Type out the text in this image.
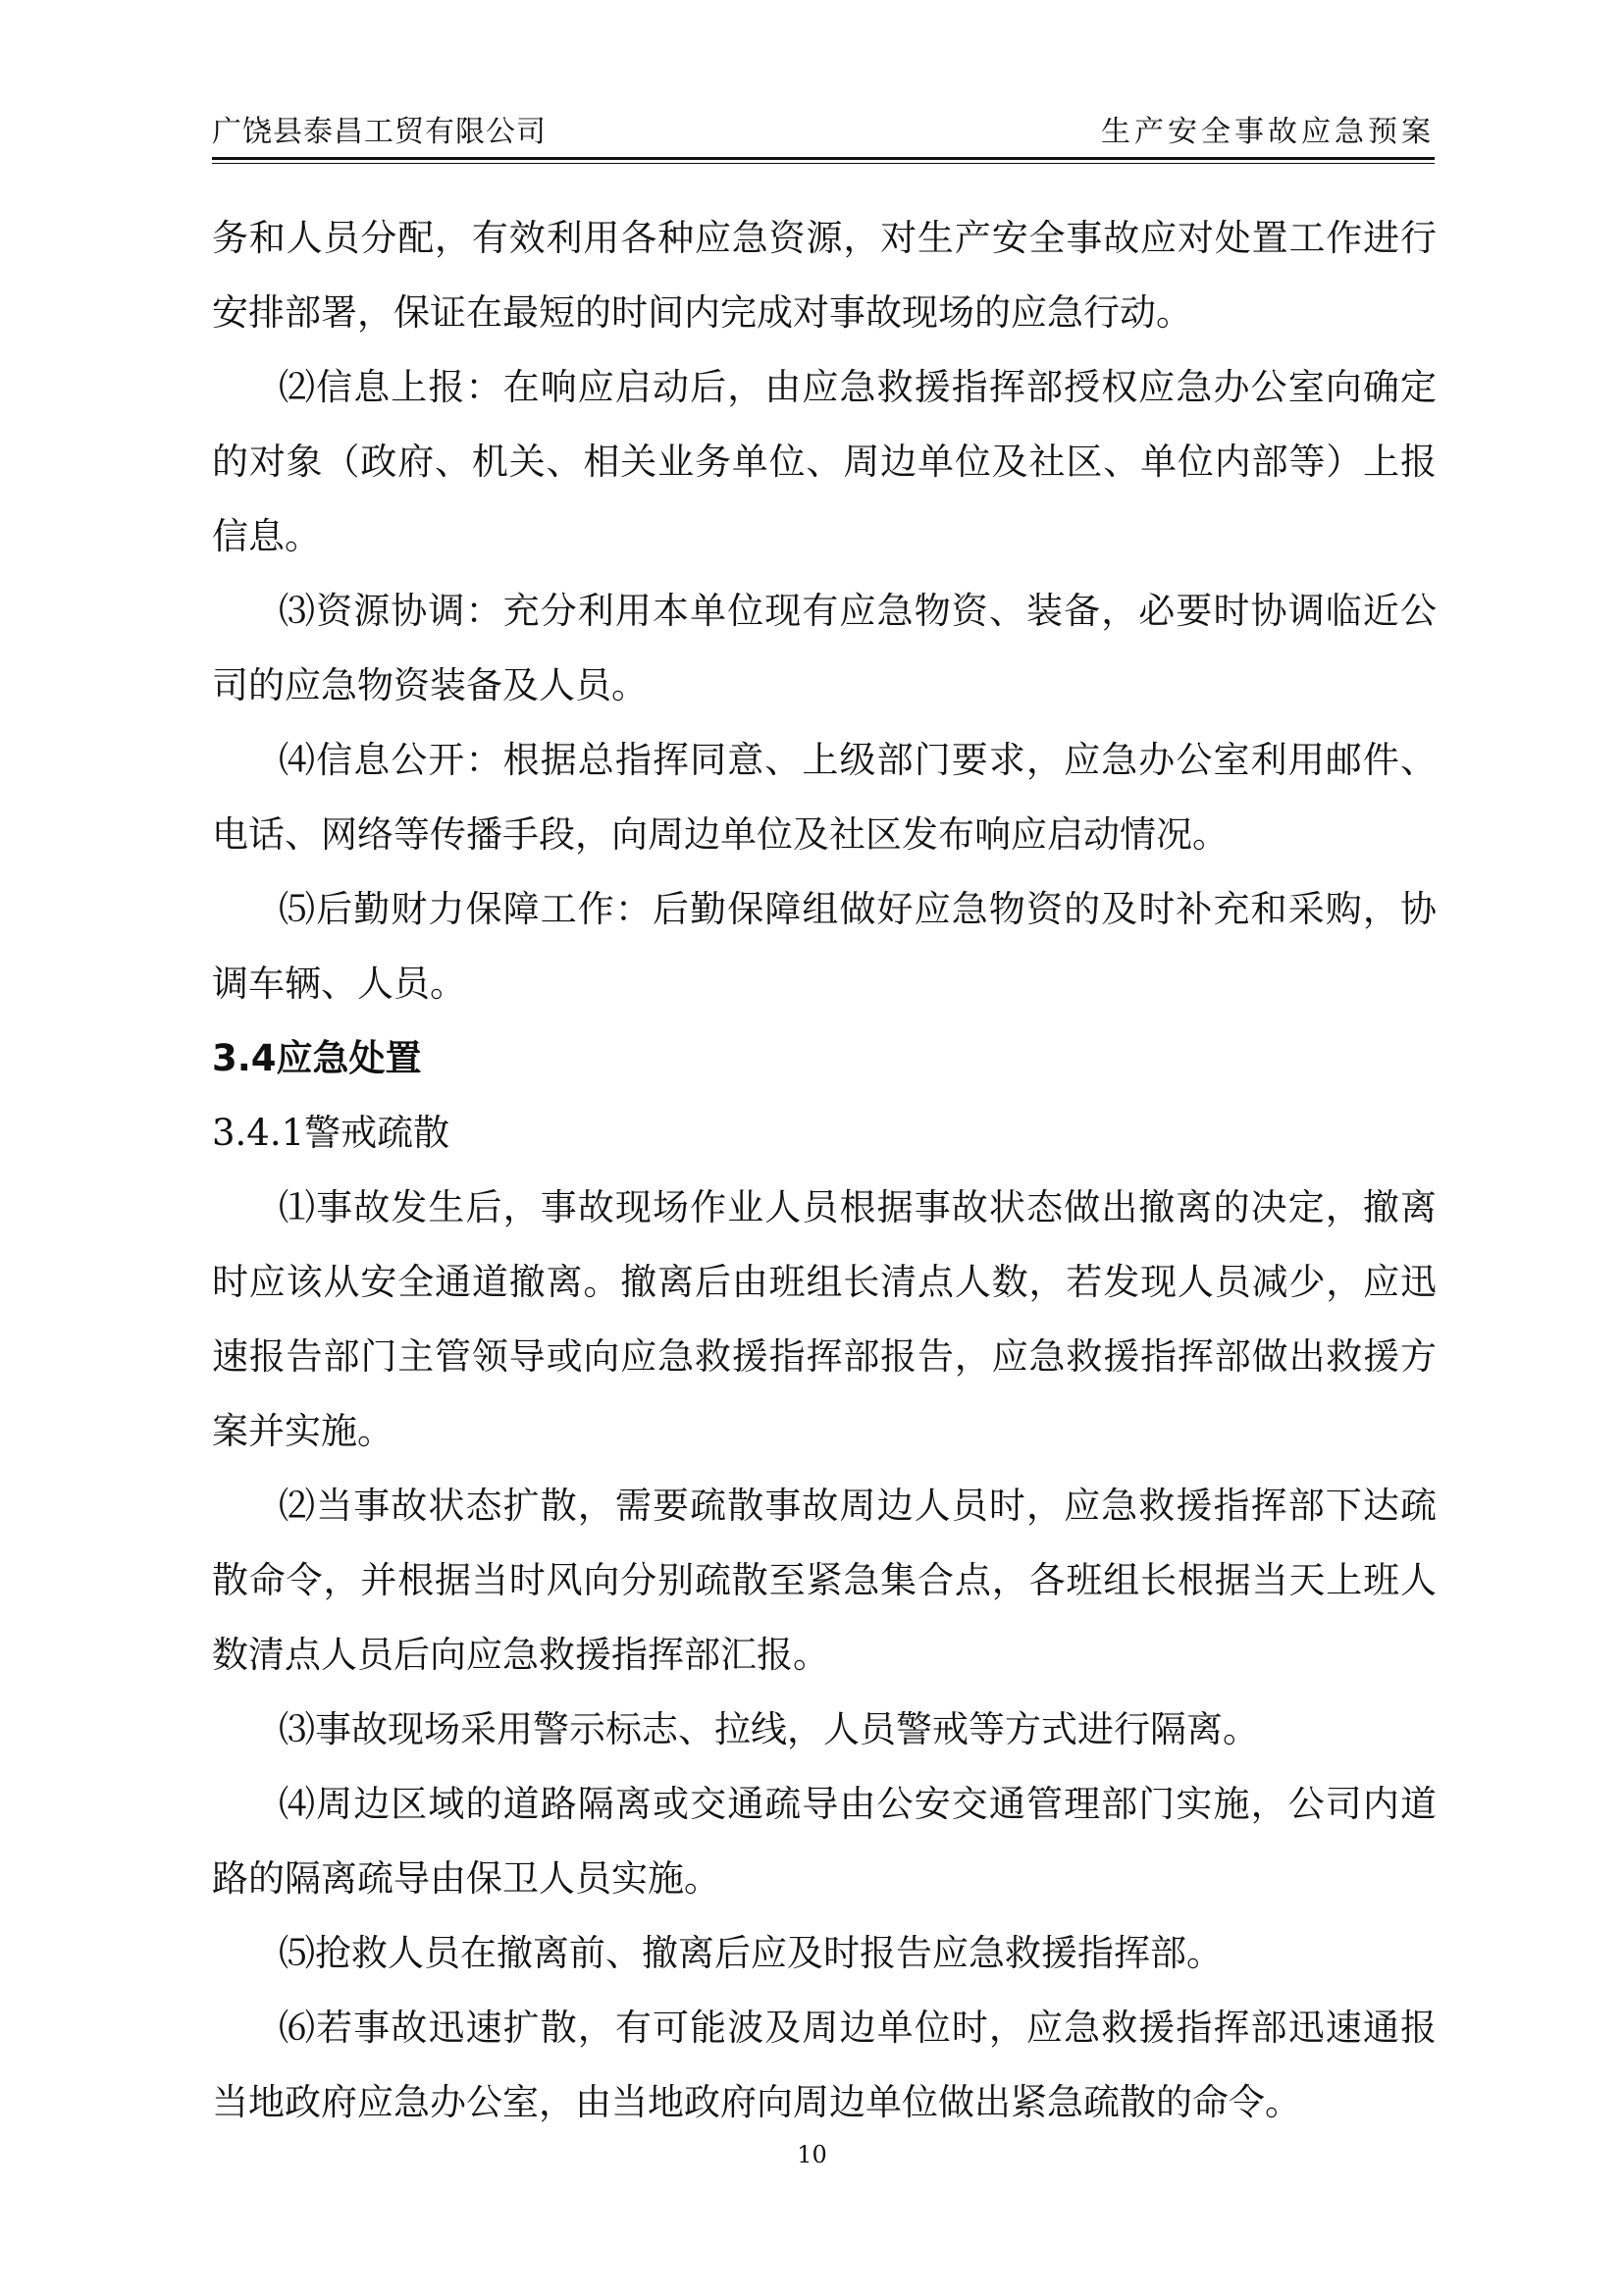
广饶县泰昌工贸有限公司	生产安全事故应急预案

务和人员分配，有效利用各种应急资源，对生产安全事故应对处置工作进行安排部署，保证在最短的时间内完成对事故现场的应急行动。

⑵信息上报：在响应启动后，由应急救援指挥部授权应急办公室向确定的对象（政府、机关、相关业务单位、周边单位及社区、单位内部等）上报信息。

⑶资源协调：充分利用本单位现有应急物资、装备，必要时协调临近公司的应急物资装备及人员。

⑷信息公开：根据总指挥同意、上级部门要求，应急办公室利用邮件、电话、网络等传播手段，向周边单位及社区发布响应启动情况。

⑸后勤财力保障工作：后勤保障组做好应急物资的及时补充和采购，协调车辆、人员。

3.4应急处置

3.4.1警戒疏散

⑴事故发生后，事故现场作业人员根据事故状态做出撤离的决定，撤离时应该从安全通道撤离。撤离后由班组长清点人数，若发现人员减少，应迅速报告部门主管领导或向应急救援指挥部报告，应急救援指挥部做出救援方案并实施。

⑵当事故状态扩散，需要疏散事故周边人员时，应急救援指挥部下达疏散命令，并根据当时风向分别疏散至紧急集合点，各班组长根据当天上班人数清点人员后向应急救援指挥部汇报。

⑶事故现场采用警示标志、拉线，人员警戒等方式进行隔离。

⑷周边区域的道路隔离或交通疏导由公安交通管理部门实施，公司内道路的隔离疏导由保卫人员实施。

⑸抢救人员在撤离前、撤离后应及时报告应急救援指挥部。

⑹若事故迅速扩散，有可能波及周边单位时，应急救援指挥部迅速通报当地政府应急办公室，由当地政府向周边单位做出紧急疏散的命令。

10
